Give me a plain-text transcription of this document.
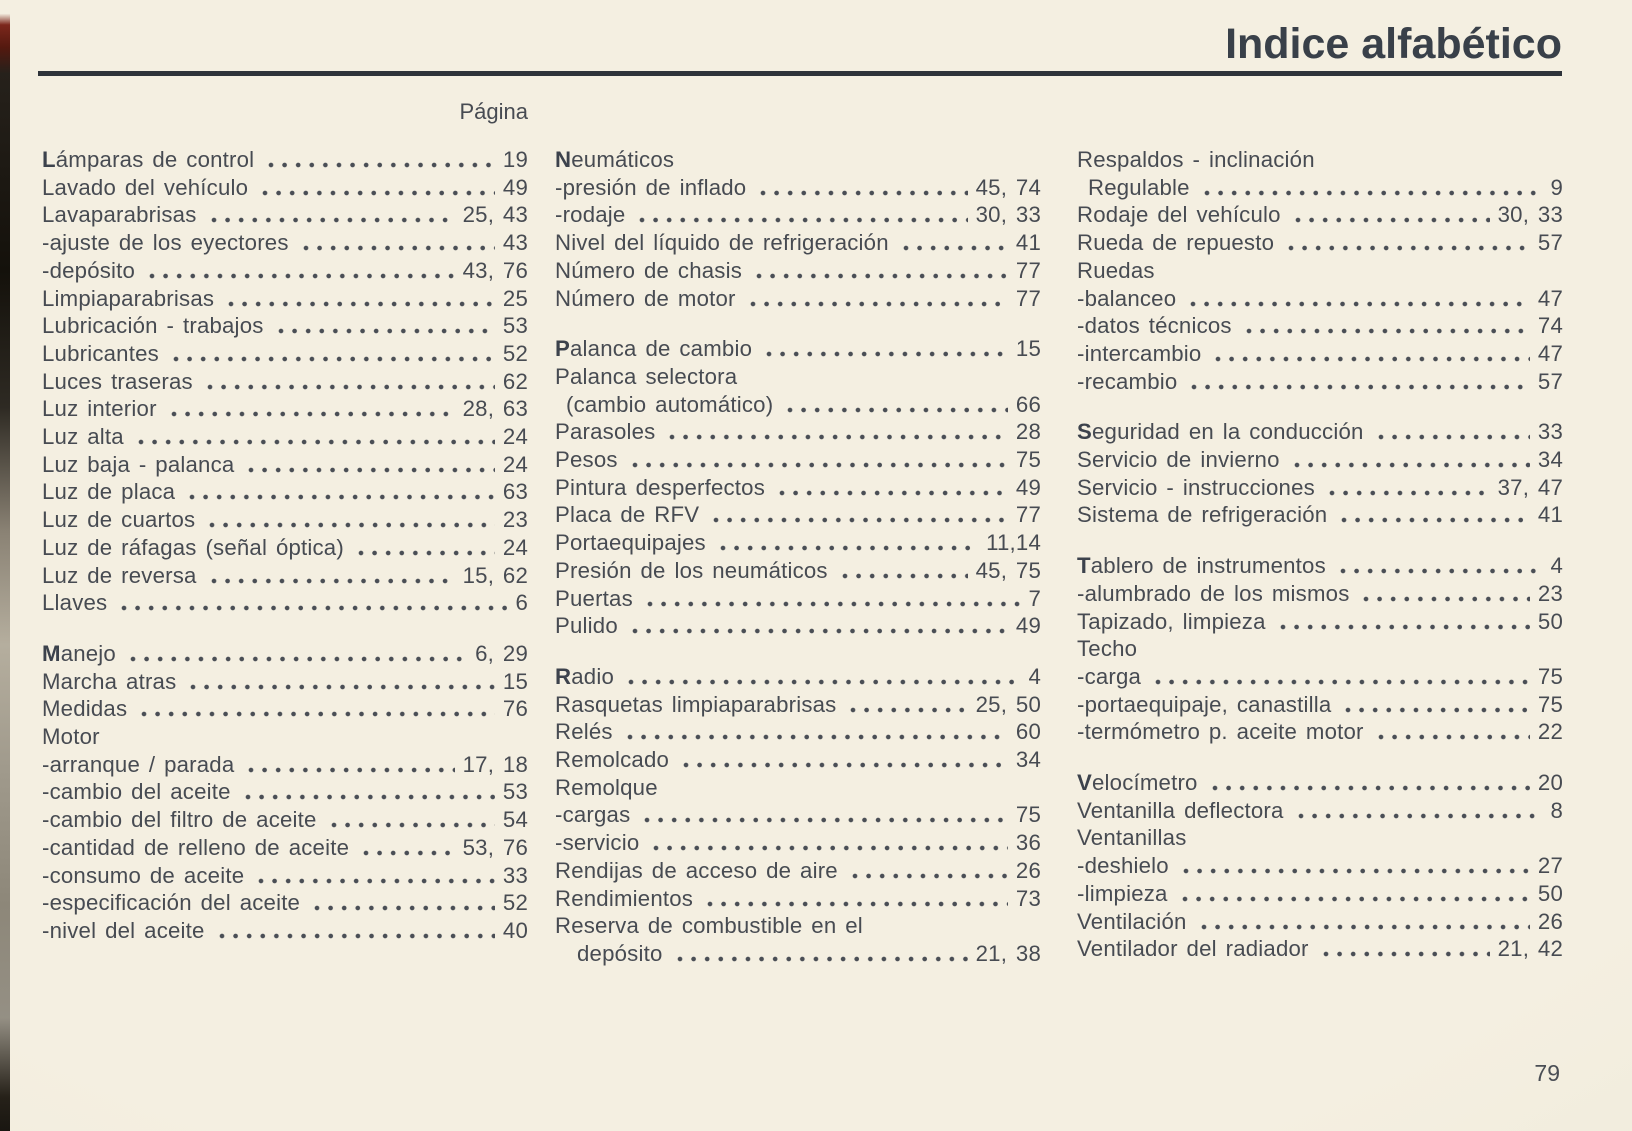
Indice alfabético
Página
Lámparas de control	19
Lavado del vehículo	49
Lavaparabrisas	25, 43
-ajuste de los eyectores	43
-depósito	43, 76
Limpiaparabrisas	25
Lubricación - trabajos	53
Lubricantes	52
Luces traseras	62
Luz interior	28, 63
Luz alta	24
Luz baja - palanca	24
Luz de placa	63
Luz de cuartos	23
Luz de ráfagas (señal óptica)	24
Luz de reversa	15, 62
Llaves	6
Manejo	6, 29
Marcha atras	15
Medidas	76
Motor
-arranque / parada	17, 18
-cambio del aceite	53
-cambio del filtro de aceite	54
-cantidad de relleno de aceite	53, 76
-consumo de aceite	33
-especificación del aceite	52
-nivel del aceite	40
Neumáticos
-presión de inflado	45, 74
-rodaje	30, 33
Nivel del líquido de refrigeración	41
Número de chasis	77
Número de motor	77
Palanca de cambio	15
Palanca selectora
(cambio automático)	66
Parasoles	28
Pesos	75
Pintura desperfectos	49
Placa de RFV	77
Portaequipajes	11,14
Presión de los neumáticos	45, 75
Puertas	7
Pulido	49
Radio	4
Rasquetas limpiaparabrisas	25, 50
Relés	60
Remolcado	34
Remolque
-cargas	75
-servicio	36
Rendijas de acceso de aire	26
Rendimientos	73
Reserva de combustible en el
depósito	21, 38
Respaldos - inclinación
Regulable	9
Rodaje del vehículo	30, 33
Rueda de repuesto	57
Ruedas
-balanceo	47
-datos técnicos	74
-intercambio	47
-recambio	57
Seguridad en la conducción	33
Servicio de invierno	34
Servicio - instrucciones	37, 47
Sistema de refrigeración	41
Tablero de instrumentos	4
-alumbrado de los mismos	23
Tapizado, limpieza	50
Techo
-carga	75
-portaequipaje, canastilla	75
-termómetro p. aceite motor	22
Velocímetro	20
Ventanilla deflectora	8
Ventanillas
-deshielo	27
-limpieza	50
Ventilación	26
Ventilador del radiador	21, 42
79
